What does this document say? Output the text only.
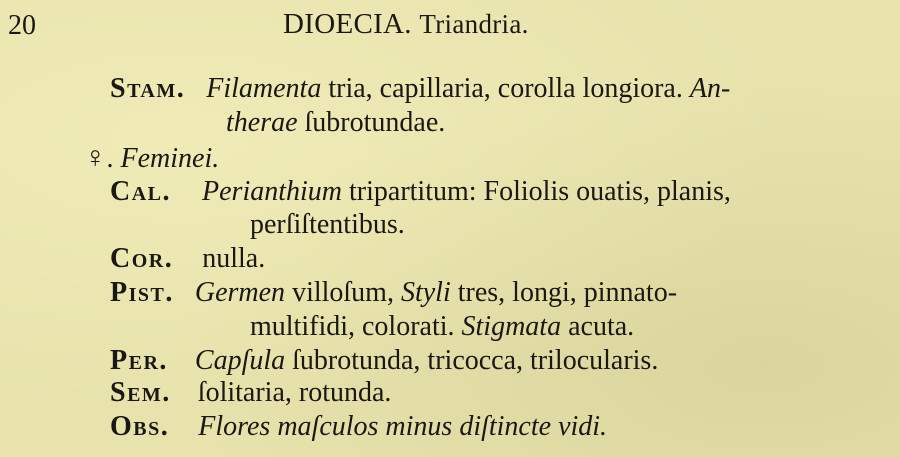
20	DIOECIA. Triandria.
Stam. Filamenta tria, capillaria, corolla longiora. An-
therae ſubrotundae.
♀. Feminei.
Cal. Perianthium tripartitum: Foliolis ouatis, planis,
perſiſtentibus.
Cor. nulla.
Pist. Germen villoſum, Styli tres, longi, pinnato-
multifidi, colorati. Stigmata acuta.
Per. Capſula ſubrotunda, tricocca, trilocularis.
Sem. ſolitaria, rotunda.
Obs. Flores maſculos minus diſtincte vidi.
